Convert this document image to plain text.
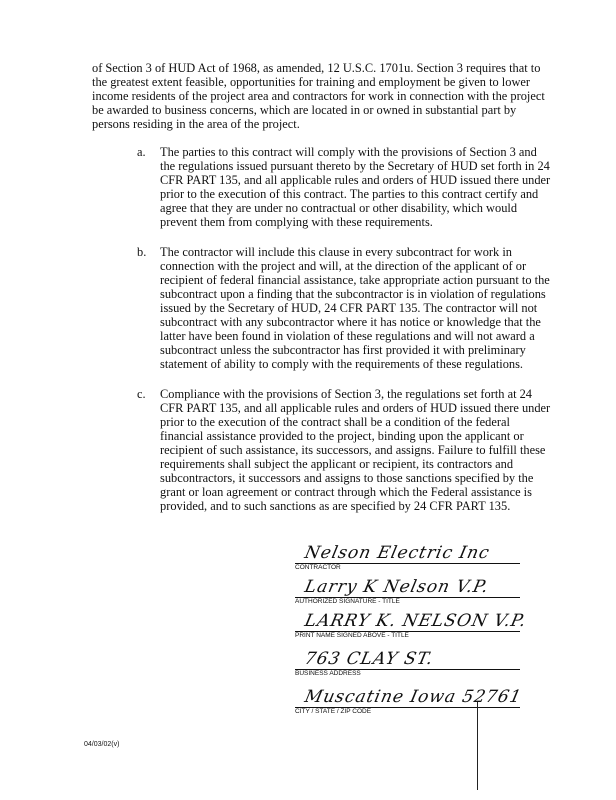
of Section 3 of HUD Act of 1968, as amended, 12 U.S.C. 1701u. Section 3 requires that to
the greatest extent feasible, opportunities for training and employment be given to lower
income residents of the project area and contractors for work in connection with the project
be awarded to business concerns, which are located in or owned in substantial part by
persons residing in the area of the project.
a. The parties to this contract will comply with the provisions of Section 3 and
the regulations issued pursuant thereto by the Secretary of HUD set forth in 24
CFR PART 135, and all applicable rules and orders of HUD issued there under
prior to the execution of this contract. The parties to this contract certify and
agree that they are under no contractual or other disability, which would
prevent them from complying with these requirements.
b. The contractor will include this clause in every subcontract for work in
connection with the project and will, at the direction of the applicant of or
recipient of federal financial assistance, take appropriate action pursuant to the
subcontract upon a finding that the subcontractor is in violation of regulations
issued by the Secretary of HUD, 24 CFR PART 135. The contractor will not
subcontract with any subcontractor where it has notice or knowledge that the
latter have been found in violation of these regulations and will not award a
subcontract unless the subcontractor has first provided it with preliminary
statement of ability to comply with the requirements of these regulations.
c. Compliance with the provisions of Section 3, the regulations set forth at 24
CFR PART 135, and all applicable rules and orders of HUD issued there under
prior to the execution of the contract shall be a condition of the federal
financial assistance provided to the project, binding upon the applicant or
recipient of such assistance, its successors, and assigns. Failure to fulfill these
requirements shall subject the applicant or recipient, its contractors and
subcontractors, it successors and assigns to those sanctions specified by the
grant or loan agreement or contract through which the Federal assistance is
provided, and to such sanctions as are specified by 24 CFR PART 135.
Nelson Electric Inc
CONTRACTOR
Larry K Nelson V.P.
AUTHORIZED SIGNATURE - TITLE
LARRY K. NELSON V.P.
PRINT NAME SIGNED ABOVE - TITLE
763 CLAY ST.
BUSINESS ADDRESS
Muscatine Iowa 52761
CITY / STATE / ZIP CODE
04/03/02(v)
